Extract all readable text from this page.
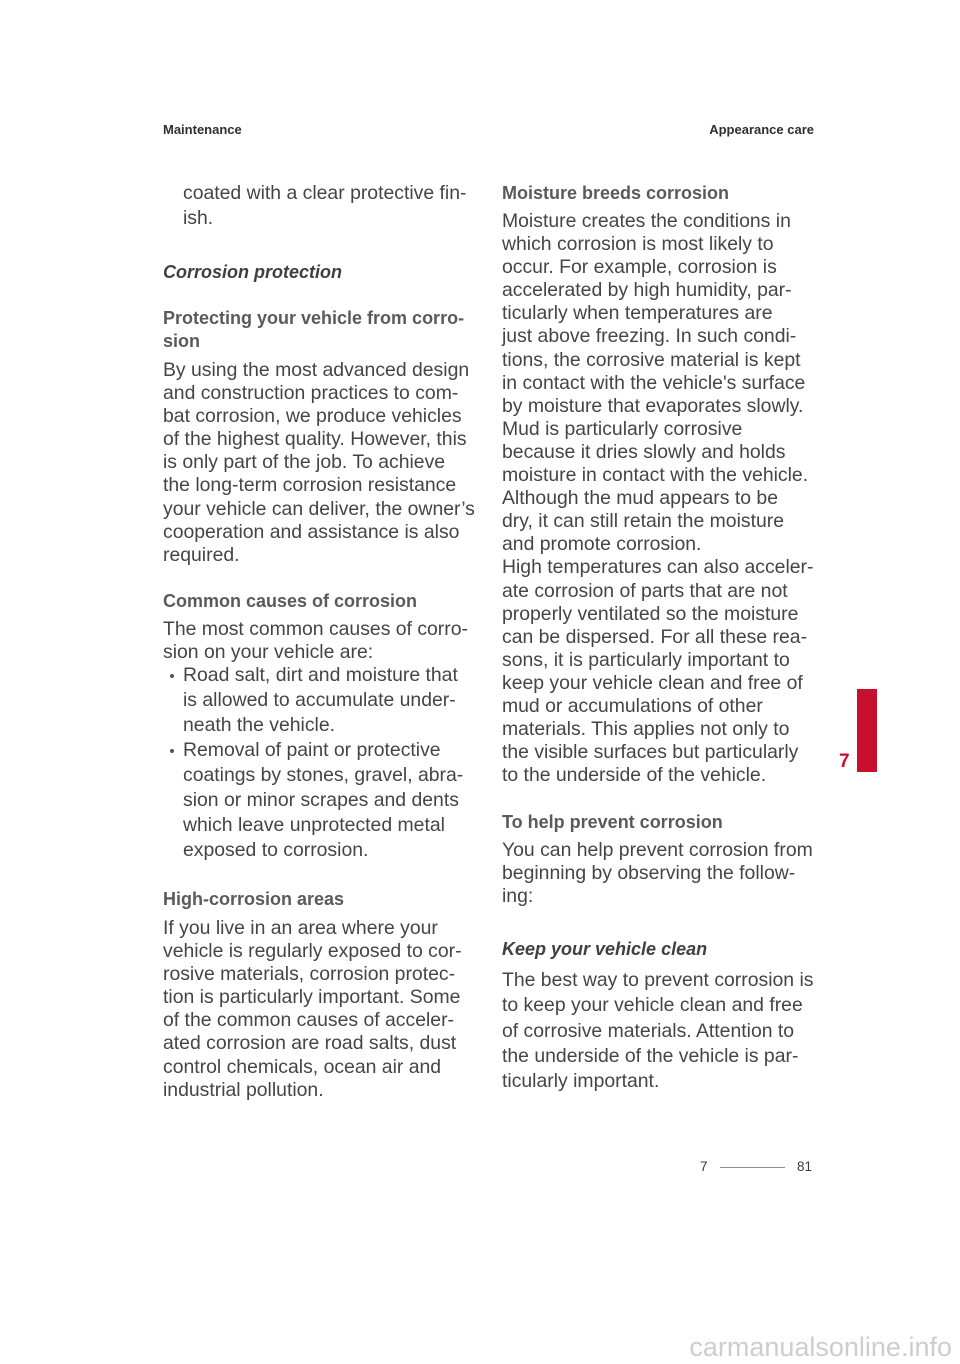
Maintenance	Appearance care
coated with a clear protective fin-
ish.
Corrosion protection
Protecting your vehicle from corro-
sion
By using the most advanced design
and construction practices to com-
bat corrosion, we produce vehicles
of the highest quality. However, this
is only part of the job. To achieve
the long-term corrosion resistance
your vehicle can deliver, the owner’s
cooperation and assistance is also
required.
Common causes of corrosion
The most common causes of corro-
sion on your vehicle are:
Road salt, dirt and moisture that
is allowed to accumulate under-
neath the vehicle.
Removal of paint or protective
coatings by stones, gravel, abra-
sion or minor scrapes and dents
which leave unprotected metal
exposed to corrosion.
High-corrosion areas
If you live in an area where your
vehicle is regularly exposed to cor-
rosive materials, corrosion protec-
tion is particularly important. Some
of the common causes of acceler-
ated corrosion are road salts, dust
control chemicals, ocean air and
industrial pollution.
Moisture breeds corrosion
Moisture creates the conditions in
which corrosion is most likely to
occur. For example, corrosion is
accelerated by high humidity, par-
ticularly when temperatures are
just above freezing. In such condi-
tions, the corrosive material is kept
in contact with the vehicle's surface
by moisture that evaporates slowly.
Mud is particularly corrosive
because it dries slowly and holds
moisture in contact with the vehicle.
Although the mud appears to be
dry, it can still retain the moisture
and promote corrosion.
High temperatures can also acceler-
ate corrosion of parts that are not
properly ventilated so the moisture
can be dispersed. For all these rea-
sons, it is particularly important to
keep your vehicle clean and free of
mud or accumulations of other
materials. This applies not only to
the visible surfaces but particularly
to the underside of the vehicle.
To help prevent corrosion
You can help prevent corrosion from
beginning by observing the follow-
ing:
Keep your vehicle clean
The best way to prevent corrosion is
to keep your vehicle clean and free
of corrosive materials. Attention to
the underside of the vehicle is par-
ticularly important.
7
7	81
carmanualsonline.info
